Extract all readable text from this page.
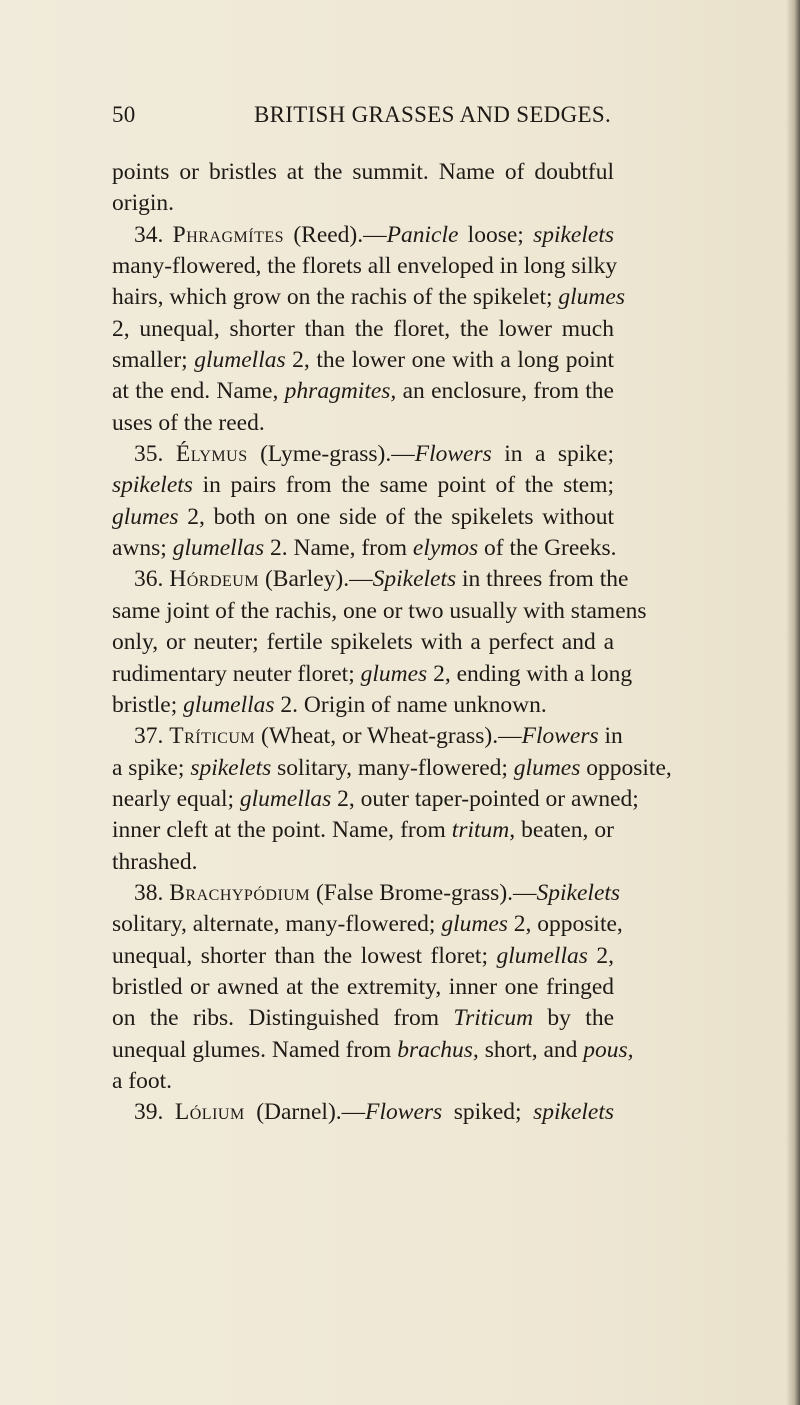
50	BRITISH GRASSES AND SEDGES.
points or bristles at the summit. Name of doubtful
origin.
34. Phragmítes (Reed).—Panicle loose; spikelets
many-flowered, the florets all enveloped in long silky
hairs, which grow on the rachis of the spikelet; glumes
2, unequal, shorter than the floret, the lower much
smaller; glumellas 2, the lower one with a long point
at the end. Name, phragmites, an enclosure, from the
uses of the reed.
35. Élymus (Lyme-grass).—Flowers in a spike;
spikelets in pairs from the same point of the stem;
glumes 2, both on one side of the spikelets without
awns; glumellas 2. Name, from elymos of the Greeks.
36. Hórdeum (Barley).—Spikelets in threes from the
same joint of the rachis, one or two usually with stamens
only, or neuter; fertile spikelets with a perfect and a
rudimentary neuter floret; glumes 2, ending with a long
bristle; glumellas 2. Origin of name unknown.
37. Tríticum (Wheat, or Wheat-grass).—Flowers in
a spike; spikelets solitary, many-flowered; glumes opposite,
nearly equal; glumellas 2, outer taper-pointed or awned;
inner cleft at the point. Name, from tritum, beaten, or
thrashed.
38. Brachypódium (False Brome-grass).—Spikelets
solitary, alternate, many-flowered; glumes 2, opposite,
unequal, shorter than the lowest floret; glumellas 2,
bristled or awned at the extremity, inner one fringed
on the ribs. Distinguished from Triticum by the
unequal glumes. Named from brachus, short, and pous,
a foot.
39. Lólium (Darnel).—Flowers spiked; spikelets
